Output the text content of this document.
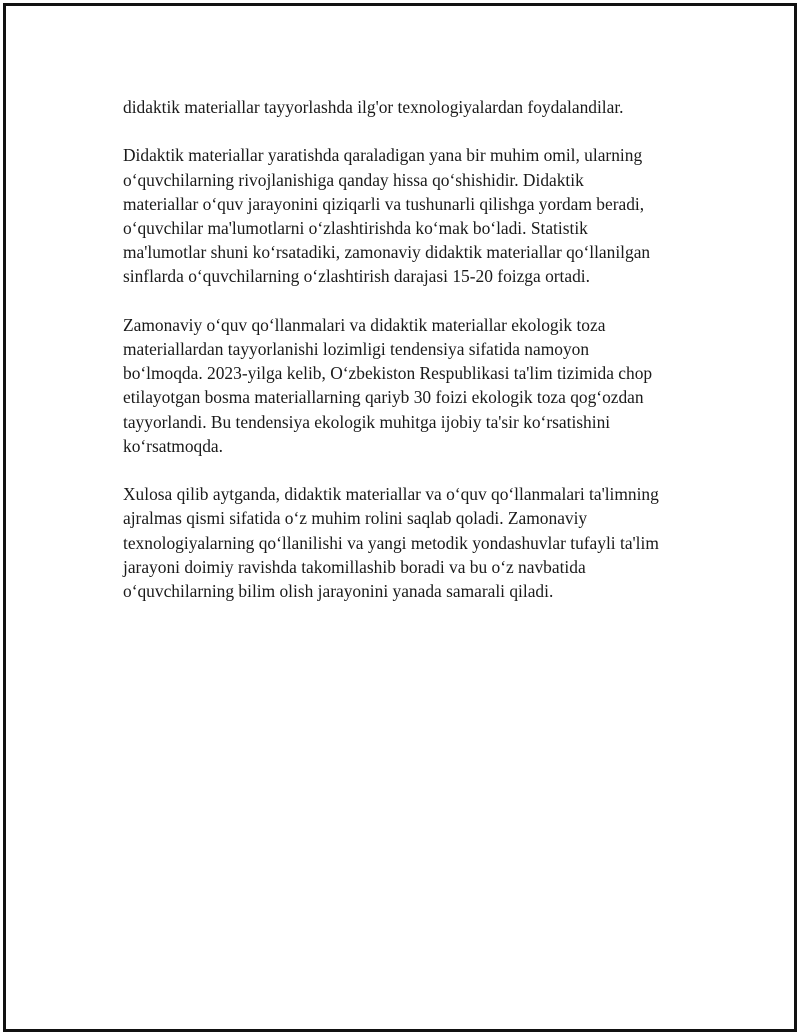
didaktik materiallar tayyorlashda ilg'or texnologiyalardan foydalandilar.

Didaktik materiallar yaratishda qaraladigan yana bir muhim omil, ularning
o‘quvchilarning rivojlanishiga qanday hissa qo‘shishidir. Didaktik
materiallar o‘quv jarayonini qiziqarli va tushunarli qilishga yordam beradi,
o‘quvchilar ma'lumotlarni o‘zlashtirishda ko‘mak bo‘ladi. Statistik
ma'lumotlar shuni ko‘rsatadiki, zamonaviy didaktik materiallar qo‘llanilgan
sinflarda o‘quvchilarning o‘zlashtirish darajasi 15-20 foizga ortadi.

Zamonaviy o‘quv qo‘llanmalari va didaktik materiallar ekologik toza
materiallardan tayyorlanishi lozimligi tendensiya sifatida namoyon
bo‘lmoqda. 2023-yilga kelib, O‘zbekiston Respublikasi ta'lim tizimida chop
etilayotgan bosma materiallarning qariyb 30 foizi ekologik toza qog‘ozdan
tayyorlandi. Bu tendensiya ekologik muhitga ijobiy ta'sir ko‘rsatishini
ko‘rsatmoqda.

Xulosa qilib aytganda, didaktik materiallar va o‘quv qo‘llanmalari ta'limning
ajralmas qismi sifatida o‘z muhim rolini saqlab qoladi. Zamonaviy
texnologiyalarning qo‘llanilishi va yangi metodik yondashuvlar tufayli ta'lim
jarayoni doimiy ravishda takomillashib boradi va bu o‘z navbatida
o‘quvchilarning bilim olish jarayonini yanada samarali qiladi.
